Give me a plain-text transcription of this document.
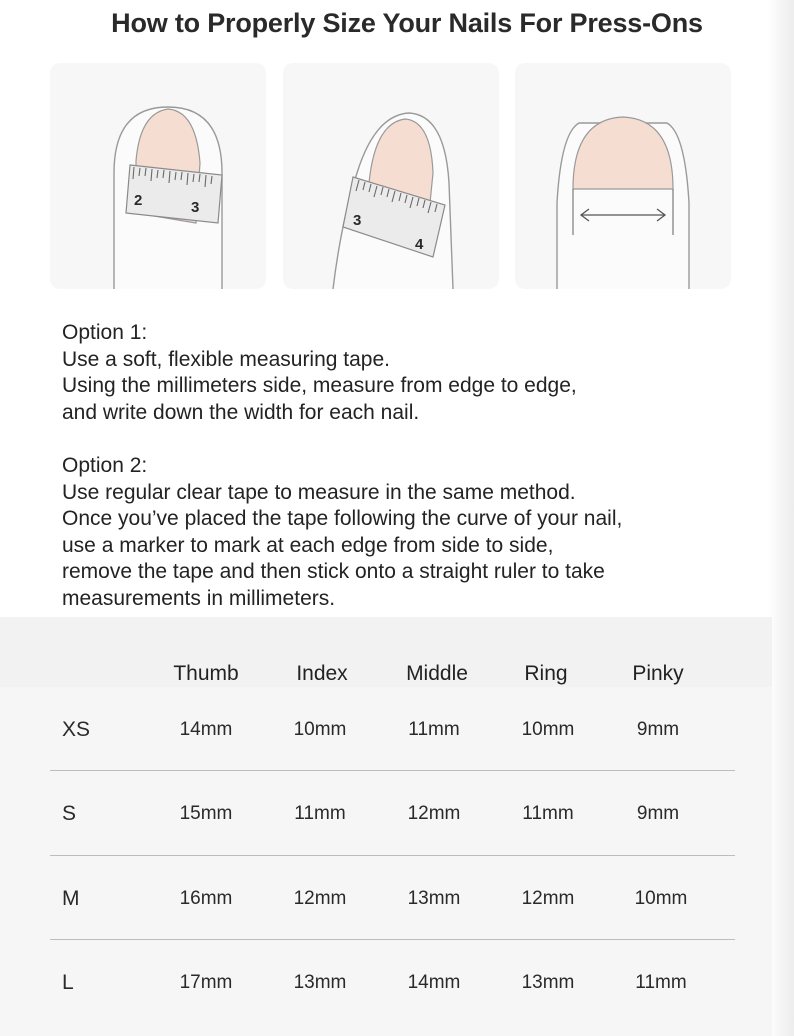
How to Properly Size Your Nails For Press-Ons
2	3
3
4

Option 1:

Use a soft, flexible measuring tape.

Using the millimeters side, measure from edge to edge,

and write down the width for each nail.

Option 2:

Use regular clear tape to measure in the same method.

Once you’ve placed the tape following the curve of your nail,

use a marker to mark at each edge from side to side,

remove the tape and then stick onto a straight ruler to take

measurements in millimeters.

Thumb	Index	Middle	Ring	Pinky
XS	14mm	10mm	11mm	10mm	9mm
S	15mm	11mm	12mm	11mm	9mm
M	16mm	12mm	13mm	12mm	10mm
L	17mm	13mm	14mm	13mm	11mm
